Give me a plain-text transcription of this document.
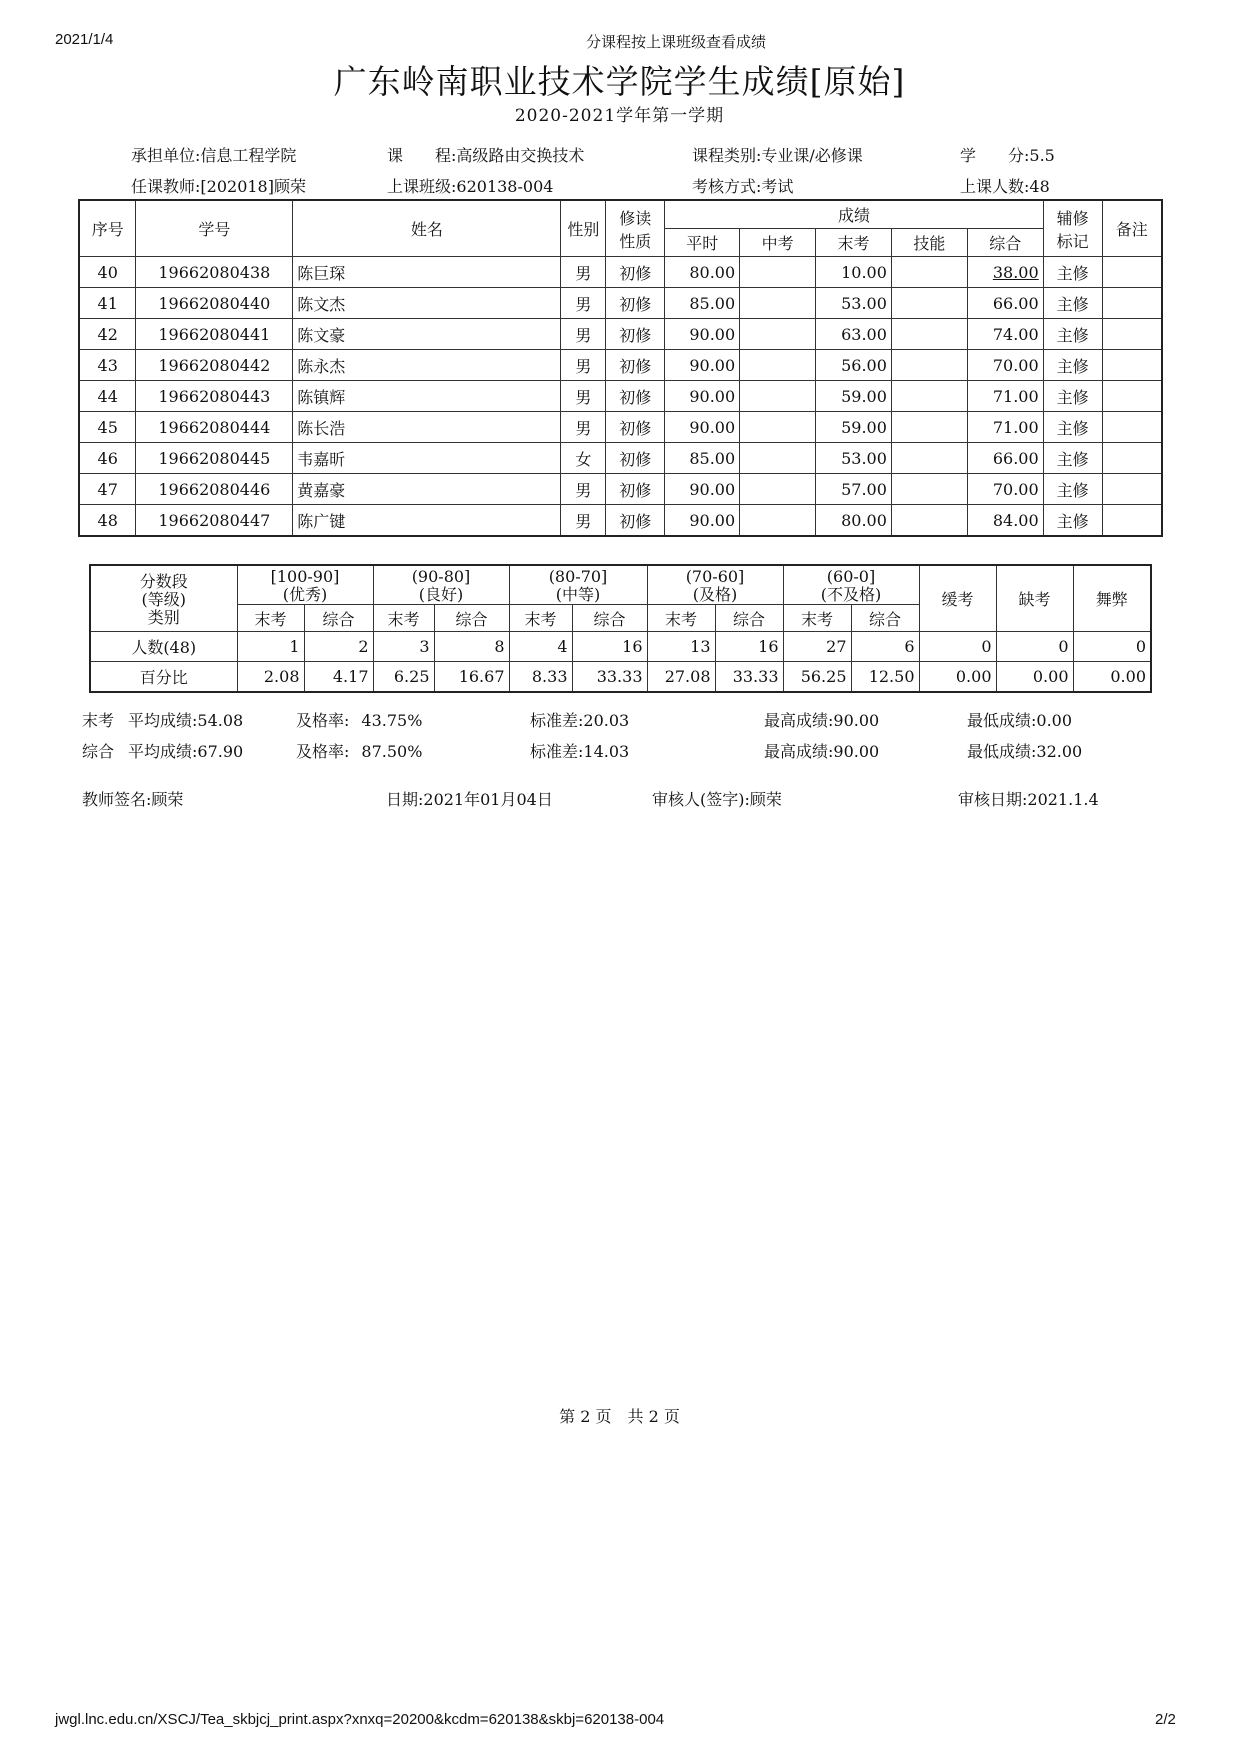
2021/1/4	分课程按上课班级查看成绩
广东岭南职业技术学院学生成绩[原始]
2020-2021学年第一学期
承担单位:信息工程学院	课　　程:高级路由交换技术	课程类别:专业课/必修课	学　　分:5.5
任课教师:[202018]顾荣	上课班级:620138-004	考核方式:考试	上课人数:48
序号	学号	姓名	性别	修读
性质	成绩					辅修
标记	备注
					平时	中考	末考	技能	综合		
40	19662080438	陈巨琛	男	初修	80.00		10.00		38.00	主修	
41	19662080440	陈文杰	男	初修	85.00		53.00		66.00	主修	
42	19662080441	陈文豪	男	初修	90.00		63.00		74.00	主修	
43	19662080442	陈永杰	男	初修	90.00		56.00		70.00	主修	
44	19662080443	陈镇辉	男	初修	90.00		59.00		71.00	主修	
45	19662080444	陈长浩	男	初修	90.00		59.00		71.00	主修	
46	19662080445	韦嘉昕	女	初修	85.00		53.00		66.00	主修	
47	19662080446	黄嘉豪	男	初修	90.00		57.00		70.00	主修	
48	19662080447	陈广键	男	初修	90.00		80.00		84.00	主修	
分数段
(等级)
类别	[100-90]
(优秀)		(90-80]
(良好)		(80-70]
(中等)		(70-60]
(及格)		(60-0]
(不及格)		缓考	缺考	舞弊
	末考	综合	末考	综合	末考	综合	末考	综合	末考	综合			
人数(48)	1	2	3	8	4	16	13	16	27	6	0	0	0
百分比	2.08	4.17	6.25	16.67	8.33	33.33	27.08	33.33	56.25	12.50	0.00	0.00	0.00
末考 平均成绩:54.08	及格率: 43.75%	标准差:20.03	最高成绩:90.00	最低成绩:0.00
综合 平均成绩:67.90	及格率: 87.50%	标准差:14.03	最高成绩:90.00	最低成绩:32.00
教师签名:顾荣	日期:2021年01月04日	审核人(签字):顾荣	审核日期:2021.1.4
第 2 页　共 2 页
jwgl.lnc.edu.cn/XSCJ/Tea_skbjcj_print.aspx?xnxq=20200&kcdm=620138&skbj=620138-004	2/2
